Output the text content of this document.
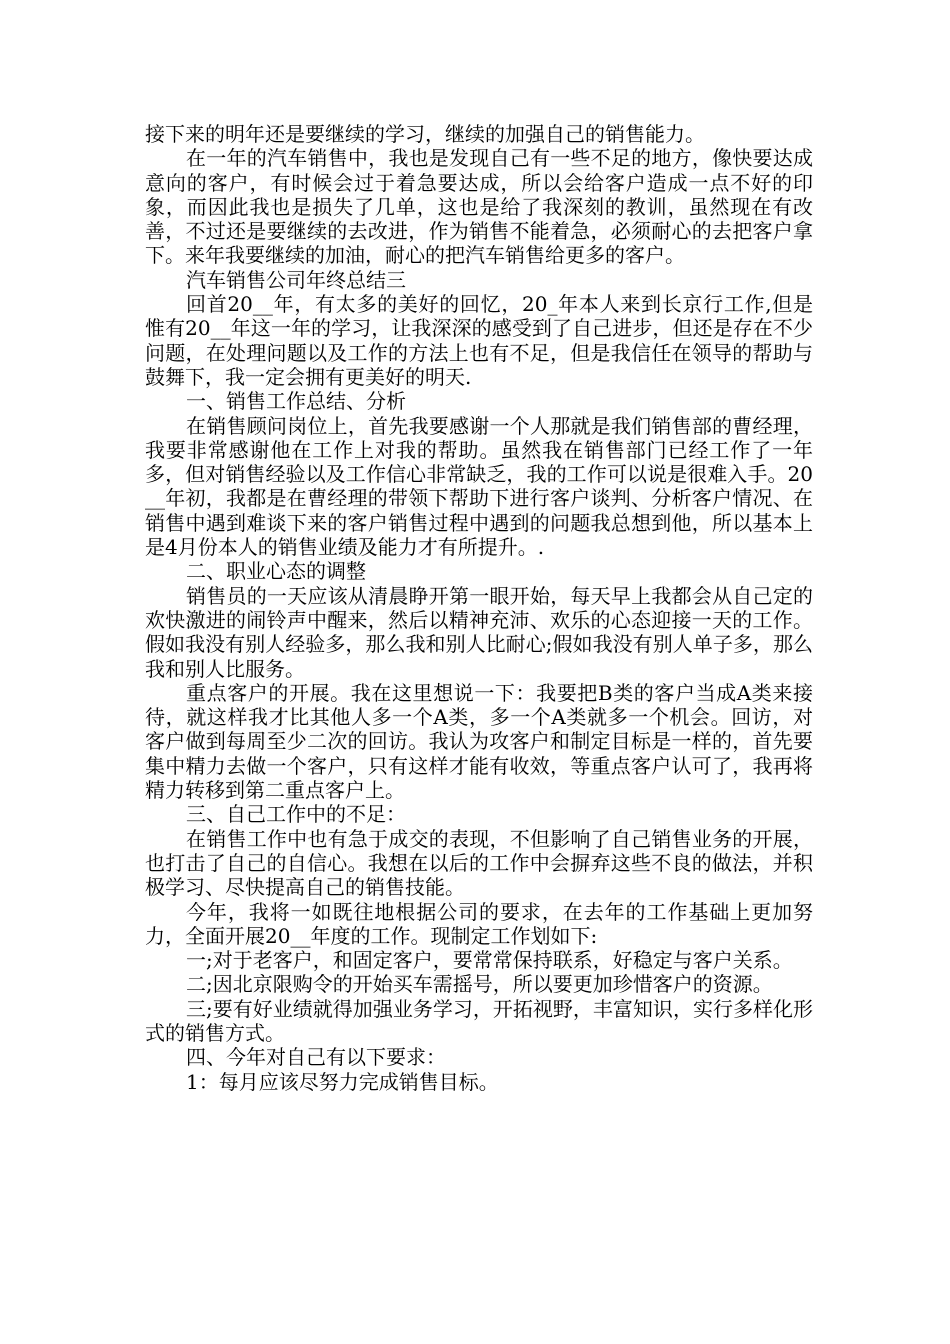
接下来的明年还是要继续的学习，继续的加强自己的销售能力。

在一年的汽车销售中，我也是发现自己有一些不足的地方，像快要达成意向的客户，有时候会过于着急要达成，所以会给客户造成一点不好的印象，而因此我也是损失了几单，这也是给了我深刻的教训，虽然现在有改善，不过还是要继续的去改进，作为销售不能着急，必须耐心的去把客户拿下。来年我要继续的加油，耐心的把汽车销售给更多的客户。

汽车销售公司年终总结三

回首20__年，有太多的美好的回忆，20_年本人来到长京行工作,但是惟有20__年这一年的学习，让我深深的感受到了自己进步，但还是存在不少问题，在处理问题以及工作的方法上也有不足，但是我信任在领导的帮助与鼓舞下，我一定会拥有更美好的明天.

一、销售工作总结、分析

在销售顾问岗位上，首先我要感谢一个人那就是我们销售部的曹经理，我要非常感谢他在工作上对我的帮助。虽然我在销售部门已经工作了一年多，但对销售经验以及工作信心非常缺乏，我的工作可以说是很难入手。20__年初，我都是在曹经理的带领下帮助下进行客户谈判、分析客户情况、在销售中遇到难谈下来的客户销售过程中遇到的问题我总想到他，所以基本上是4月份本人的销售业绩及能力才有所提升。.

二、职业心态的调整

销售员的一天应该从清晨睁开第一眼开始，每天早上我都会从自己定的欢快激进的闹铃声中醒来，然后以精神充沛、欢乐的心态迎接一天的工作。假如我没有别人经验多，那么我和别人比耐心;假如我没有别人单子多，那么我和别人比服务。

重点客户的开展。我在这里想说一下：我要把B类的客户当成A类来接待，就这样我才比其他人多一个A类，多一个A类就多一个机会。回访，对客户做到每周至少二次的回访。我认为攻客户和制定目标是一样的，首先要集中精力去做一个客户，只有这样才能有收效，等重点客户认可了，我再将精力转移到第二重点客户上。

三、自己工作中的不足：

在销售工作中也有急于成交的表现，不但影响了自己销售业务的开展，也打击了自己的自信心。我想在以后的工作中会摒弃这些不良的做法，并积极学习、尽快提高自己的销售技能。

今年，我将一如既往地根据公司的要求，在去年的工作基础上更加努力，全面开展20__年度的工作。现制定工作划如下:

一;对于老客户，和固定客户，要常常保持联系，好稳定与客户关系。

二;因北京限购令的开始买车需摇号，所以要更加珍惜客户的资源。

三;要有好业绩就得加强业务学习，开拓视野，丰富知识，实行多样化形式的销售方式。

四、今年对自己有以下要求：

1：每月应该尽努力完成销售目标。
